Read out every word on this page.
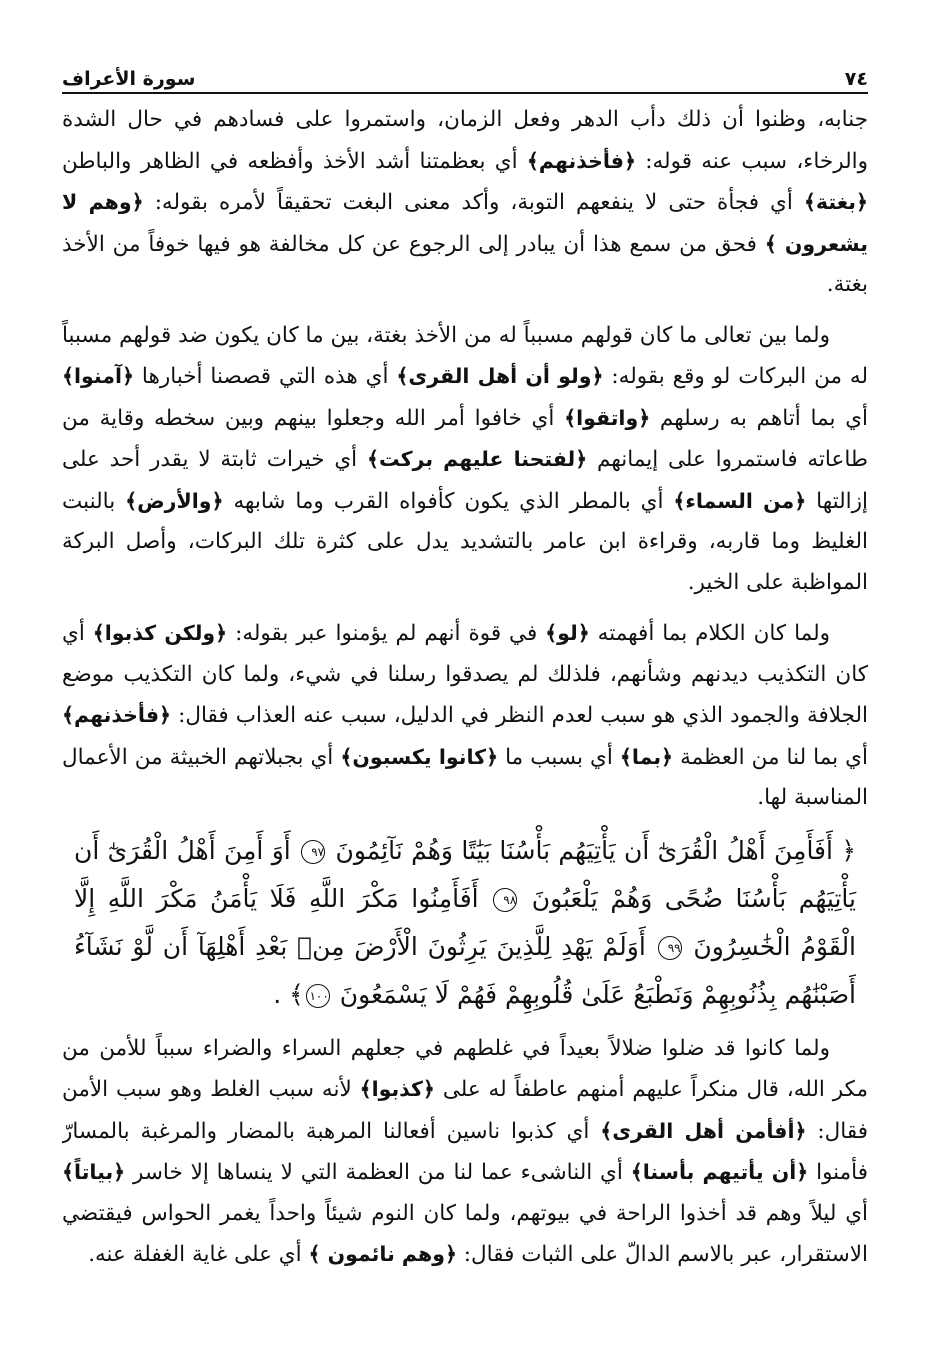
٧٤
سورة الأعراف

جنابه، وظنوا أن ذلك دأب الدهر وفعل الزمان، واستمروا على فسادهم في حال الشدة والرخاء، سبب عنه قوله: ﴿فأخذنهم﴾ أي بعظمتنا أشد الأخذ وأفظعه في الظاهر والباطن ﴿بغتة﴾ أي فجأة حتى لا ينفعهم التوبة، وأكد معنى البغت تحقيقاً لأمره بقوله: ﴿وهم لا يشعرون ﴾ فحق من سمع هذا أن يبادر إلى الرجوع عن كل مخالفة هو فيها خوفاً من الأخذ بغتة.

ولما بين تعالى ما كان قولهم مسبباً له من الأخذ بغتة، بين ما كان يكون ضد قولهم مسبباً له من البركات لو وقع بقوله: ﴿ولو أن أهل القرى﴾ أي هذه التي قصصنا أخبارها ﴿آمنوا﴾ أي بما أتاهم به رسلهم ﴿واتقوا﴾ أي خافوا أمر الله وجعلوا بينهم وبين سخطه وقاية من طاعاته فاستمروا على إيمانهم ﴿لفتحنا عليهم بركت﴾ أي خيرات ثابتة لا يقدر أحد على إزالتها ﴿من السماء﴾ أي بالمطر الذي يكون كأفواه القرب وما شابهه ﴿والأرض﴾ بالنبت الغليظ وما قاربه، وقراءة ابن عامر بالتشديد يدل على كثرة تلك البركات، وأصل البركة المواظبة على الخير.

ولما كان الكلام بما أفهمته ﴿لو﴾ في قوة أنهم لم يؤمنوا عبر بقوله: ﴿ولكن كذبوا﴾ أي كان التكذيب ديدنهم وشأنهم، فلذلك لم يصدقوا رسلنا في شيء، ولما كان التكذيب موضع الجلافة والجمود الذي هو سبب لعدم النظر في الدليل، سبب عنه العذاب فقال: ﴿فأخذنهم﴾ أي بما لنا من العظمة ﴿بما﴾ أي بسبب ما ﴿كانوا يكسبون﴾ أي بجبلاتهم الخبيثة من الأعمال المناسبة لها.

﴿ أَفَأَمِنَ أَهْلُ الْقُرَىٰٓ أَن يَأْتِيَهُم بَأْسُنَا بَيَٰتًا وَهُمْ نَآئِمُونَ ٩٧ أَوَ أَمِنَ أَهْلُ الْقُرَىٰٓ أَن يَأْتِيَهُم بَأْسُنَا ضُحًى وَهُمْ يَلْعَبُونَ ٩٨ أَفَأَمِنُوا مَكْرَ اللَّهِ فَلَا يَأْمَنُ مَكْرَ اللَّهِ إِلَّا الْقَوْمُ الْخَٰسِرُونَ ٩٩ أَوَلَمْ يَهْدِ لِلَّذِينَ يَرِثُونَ الْأَرْضَ مِنۢ بَعْدِ أَهْلِهَآ أَن لَّوْ نَشَآءُ أَصَبْنَٰهُم بِذُنُوبِهِمْ وَنَطْبَعُ عَلَىٰ قُلُوبِهِمْ فَهُمْ لَا يَسْمَعُونَ ١٠٠﴾ .

ولما كانوا قد ضلوا ضلالاً بعيداً في غلطهم في جعلهم السراء والضراء سبباً للأمن من مكر الله، قال منكراً عليهم أمنهم عاطفاً له على ﴿كذبوا﴾ لأنه سبب الغلط وهو سبب الأمن فقال: ﴿أفأمن أهل القرى﴾ أي كذبوا ناسين أفعالنا المرهبة بالمضار والمرغبة بالمسارّ فأمنوا ﴿أن يأتيهم بأسنا﴾ أي الناشىء عما لنا من العظمة التي لا ينساها إلا خاسر ﴿بياتاً﴾ أي ليلاً وهم قد أخذوا الراحة في بيوتهم، ولما كان النوم شيئاً واحداً يغمر الحواس فيقتضي الاستقرار، عبر بالاسم الدالّ على الثبات فقال: ﴿وهم نائمون ﴾ أي على غاية الغفلة عنه.
